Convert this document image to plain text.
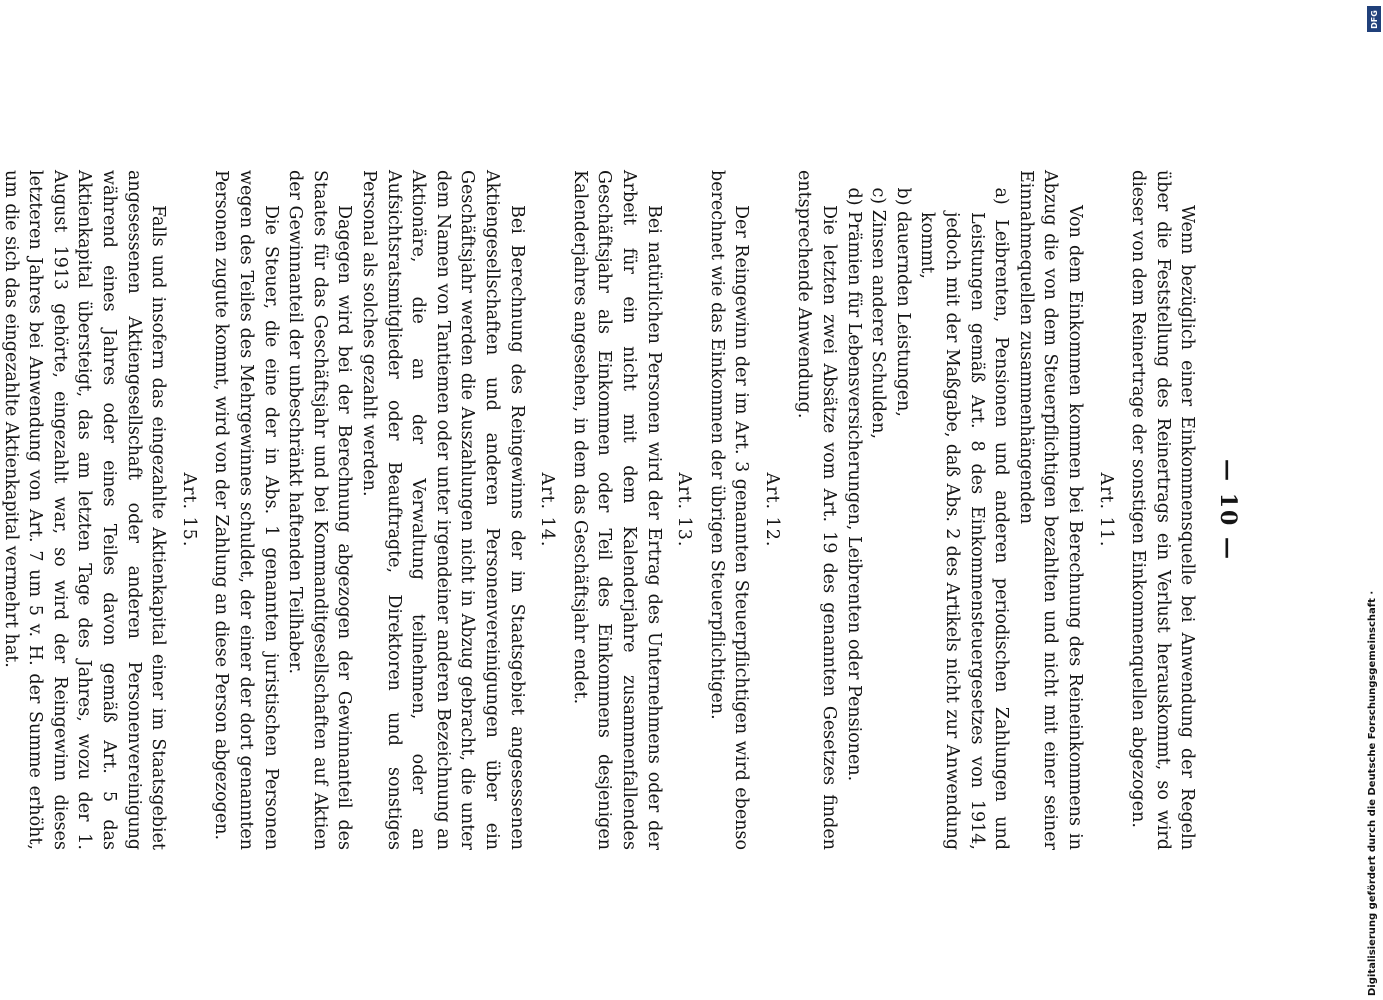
— 10 —

Wenn bezüglich einer Einkommensquelle bei Anwendung der Regeln über die Feststellung des Reinertrags ein Verlust herauskommt, so wird dieser von dem Reinertrage der sonstigen Einkommenquellen abgezogen.

Art. 11.

Von dem Einkommen kommen bei Berechnung des Reineinkommens in Abzug die von dem Steuerpflichtigen bezahlten und nicht mit einer seiner Einnahmequellen zusammenhängenden

a) Leibrenten, Pensionen und anderen periodischen Zahlungen und Leistungen gemäß Art. 8 des Einkommensteuergesetzes von 1914, jedoch mit der Maßgabe, daß Abs. 2 des Artikels nicht zur Anwendung kommt,

b) dauernden Leistungen,

c) Zinsen anderer Schulden,

d) Prämien für Lebensversicherungen, Leibrenten oder Pensionen.

Die letzten zwei Absätze vom Art. 19 des genannten Gesetzes finden entsprechende Anwendung.

Art. 12.

Der Reingewinn der im Art. 3 genannten Steuerpflichtigen wird ebenso berechnet wie das Einkommen der übrigen Steuerpflichtigen.

Art. 13.

Bei natürlichen Personen wird der Ertrag des Unternehmens oder der Arbeit für ein nicht mit dem Kalenderjahre zusammenfallendes Geschäftsjahr als Einkommen oder Teil des Einkommens desjenigen Kalenderjahres angesehen, in dem das Geschäftsjahr endet.

Art. 14.

Bei Berechnung des Reingewinns der im Staatsgebiet angesessenen Aktiengesellschaften und anderen Personenvereinigungen über ein Geschäftsjahr werden die Auszahlungen nicht in Abzug gebracht, die unter dem Namen von Tantiemen oder unter irgendeiner anderen Bezeichnung an Aktionäre, die an der Verwaltung teilnehmen, oder an Aufsichtsratsmitglieder oder Beauftragte, Direktoren und sonstiges Personal als solches gezahlt werden.

Dagegen wird bei der Berechnung abgezogen der Gewinnanteil des Staates für das Geschäftsjahr und bei Kommanditgesellschaften auf Aktien der Gewinnanteil der unbeschränkt haftenden Teilhaber.

Die Steuer, die eine der in Abs. 1 genannten juristischen Personen wegen des Teiles des Mehrgewinnes schuldet, der einer der dort genannten Personen zugute kommt, wird von der Zahlung an diese Person abgezogen.

Art. 15.

Falls und insofern das eingezahlte Aktienkapital einer im Staatsgebiet angesessenen Aktiengesellschaft oder anderen Personenvereinigung während eines Jahres oder eines Teiles davon gemäß Art. 5 das Aktienkapital übersteigt, das am letzten Tage des Jahres, wozu der 1. August 1913 gehörte, eingezahlt war, so wird der Reingewinn dieses letzteren Jahres bei Anwendung von Art. 7 um 5 v. H. der Summe erhöht, um die sich das eingezahlte Aktienkapital vermehrt hat.

DFG
Digitalisierung gefördert durch die Deutsche Forschungsgemeinschaft ·
